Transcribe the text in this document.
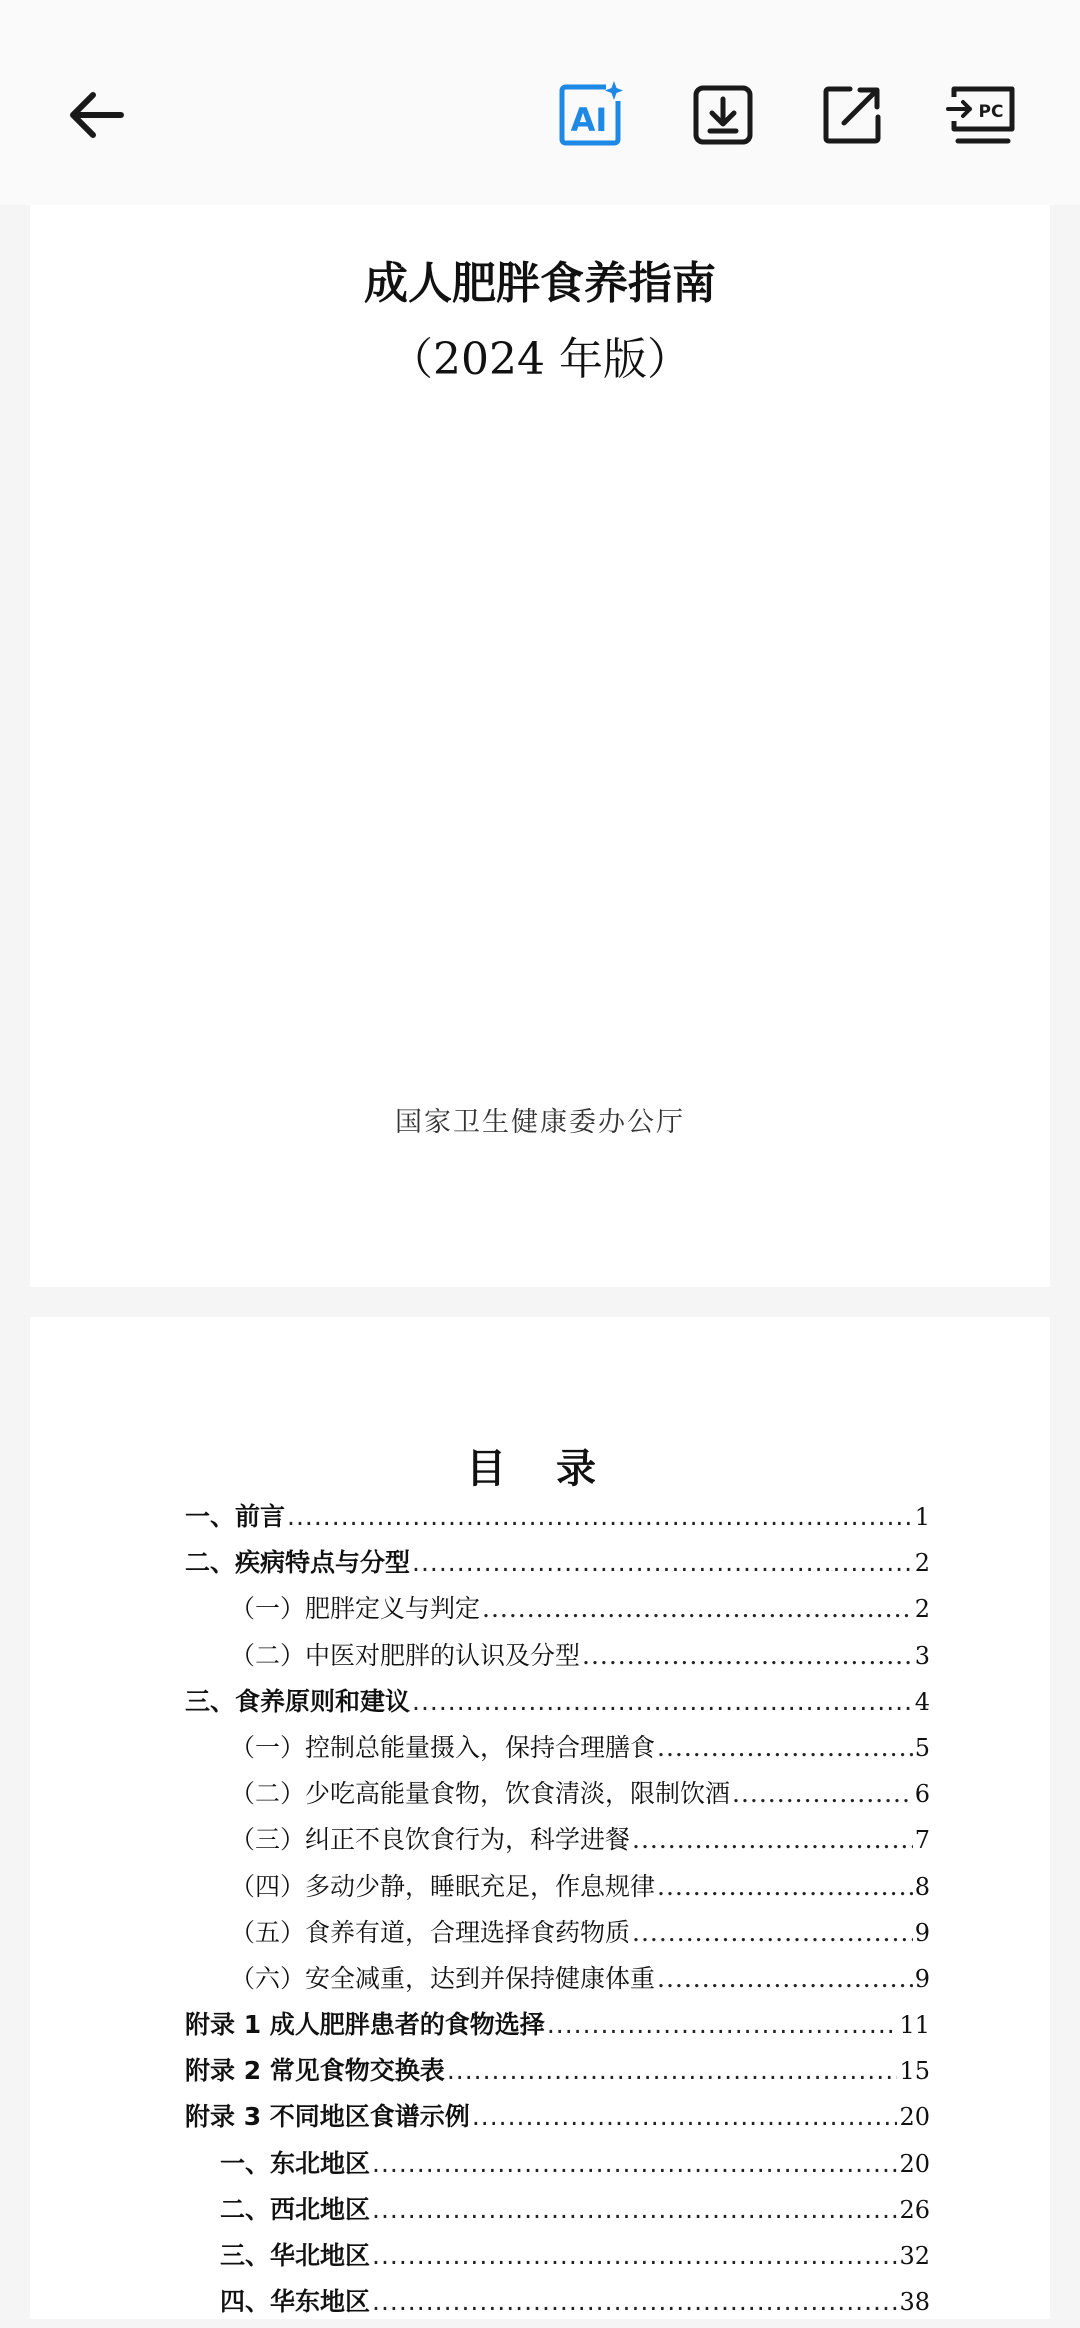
AI	PC
成人肥胖食养指南
（2024 年版）
国家卫生健康委办公厅
目 录
一、前言 .....	1
二、疾病特点与分型 .....	2
（一）肥胖定义与判定 .....	2
（二）中医对肥胖的认识及分型 .....	3
三、食养原则和建议 .....	4
（一）控制总能量摄入，保持合理膳食 .....	5
（二）少吃高能量食物，饮食清淡，限制饮酒 .....	6
（三）纠正不良饮食行为，科学进餐 .....	7
（四）多动少静，睡眠充足，作息规律 .....	8
（五）食养有道，合理选择食药物质 .....	9
（六）安全减重，达到并保持健康体重 .....	9
附录 1 成人肥胖患者的食物选择 .....	11
附录 2 常见食物交换表 .....	15
附录 3 不同地区食谱示例 .....	20
一、东北地区 .....	20
二、西北地区 .....	26
三、华北地区 .....	32
四、华东地区 .....	38
